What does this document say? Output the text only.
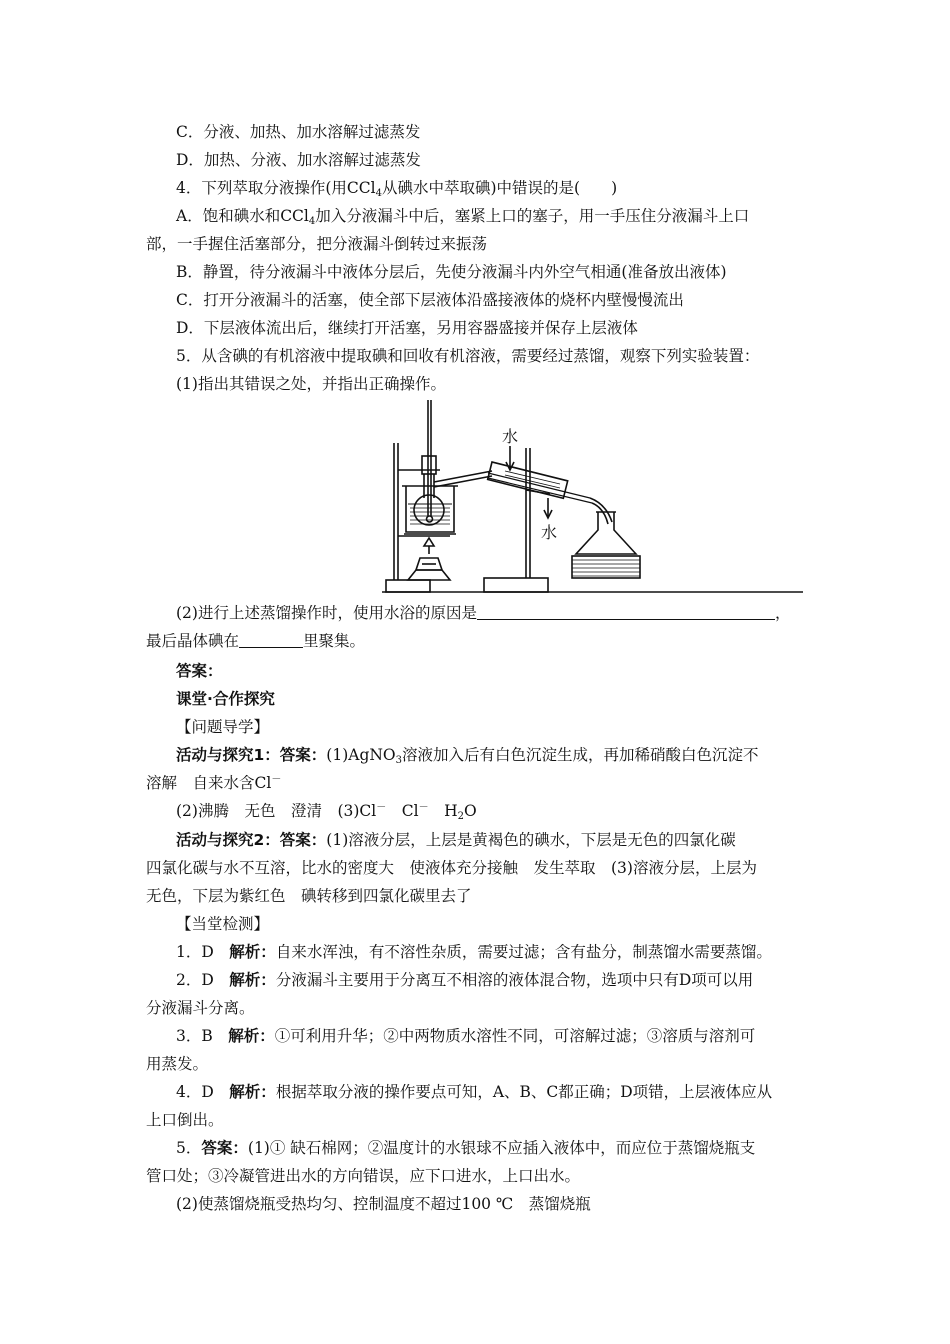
C．分液、加热、加水溶解过滤蒸发
D．加热、分液、加水溶解过滤蒸发
4．下列萃取分液操作(用CCl$_4$从碘水中萃取碘)中错误的是(　　)
A．饱和碘水和CCl$_4$加入分液漏斗中后，塞紧上口的塞子，用一手压住分液漏斗上口
部，一手握住活塞部分，把分液漏斗倒转过来振荡
B．静置，待分液漏斗中液体分层后，先使分液漏斗内外空气相通(准备放出液体)
C．打开分液漏斗的活塞，使全部下层液体沿盛接液体的烧杯内壁慢慢流出
D．下层液体流出后，继续打开活塞，另用容器盛接并保存上层液体
5．从含碘的有机溶液中提取碘和回收有机溶液，需要经过蒸馏，观察下列实验装置：
(1)指出其错误之处，并指出正确操作。
水
水
(2)进行上述蒸馏操作时，使用水浴的原因是	，
最后晶体碘在	里聚集。
答案：
课堂·合作探究
【问题导学】
活动与探究1：答案：(1)AgNO$_3$溶液加入后有白色沉淀生成，再加稀硝酸白色沉淀不
溶解　自来水含Cl－
(2)沸腾　无色　澄清　(3)Cl－　Cl－　$H_2O$
活动与探究2：答案：(1)溶液分层，上层是黄褐色的碘水，下层是无色的四氯化碳
四氯化碳与水不互溶，比水的密度大　使液体充分接触　发生萃取　(3)溶液分层，上层为
无色，下层为紫红色　碘转移到四氯化碳里去了
【当堂检测】
1．D　解析：自来水浑浊，有不溶性杂质，需要过滤；含有盐分，制蒸馏水需要蒸馏。
2．D　解析：分液漏斗主要用于分离互不相溶的液体混合物，选项中只有D项可以用
分液漏斗分离。
3．B　解析：①可利用升华；②中两物质水溶性不同，可溶解过滤；③溶质与溶剂可
用蒸发。
4．D　解析：根据萃取分液的操作要点可知，A、B、C都正确；D项错，上层液体应从
上口倒出。
5．答案：(1)① 缺石棉网；②温度计的水银球不应插入液体中，而应位于蒸馏烧瓶支
管口处；③冷凝管进出水的方向错误，应下口进水，上口出水。
(2)使蒸馏烧瓶受热均匀、控制温度不超过100 ℃　蒸馏烧瓶
